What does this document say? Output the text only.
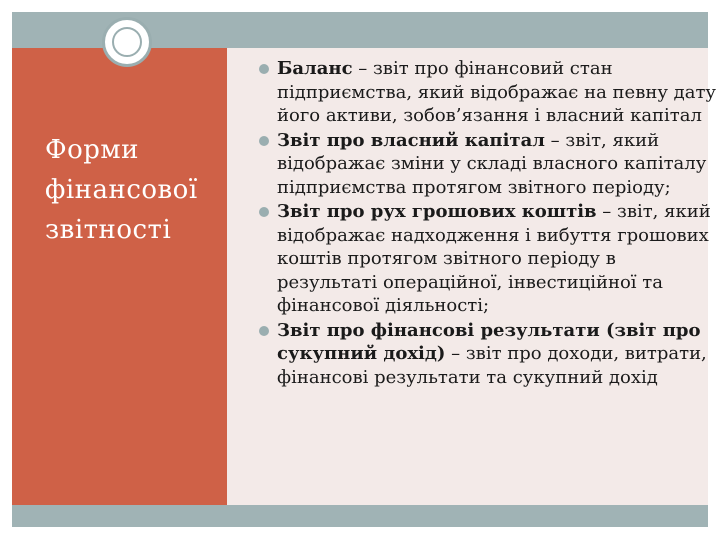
Форми
фінансової
звітності
Баланс – звіт про фінансовий стан підприємства, який відображає на певну дату його активи, зобов’язання і власний капітал
Звіт про власний капітал – звіт, який відображає зміни у складі власного капіталу підприємства протягом звітного періоду;
Звіт про рух грошових коштів – звіт, який відображає надходження і вибуття грошових коштів протягом звітного періоду в результаті операційної, інвестиційної та фінансової діяльності;
Звіт про фінансові результати (звіт про сукупний дохід) – звіт про доходи, витрати, фінансові результати та сукупний дохід
